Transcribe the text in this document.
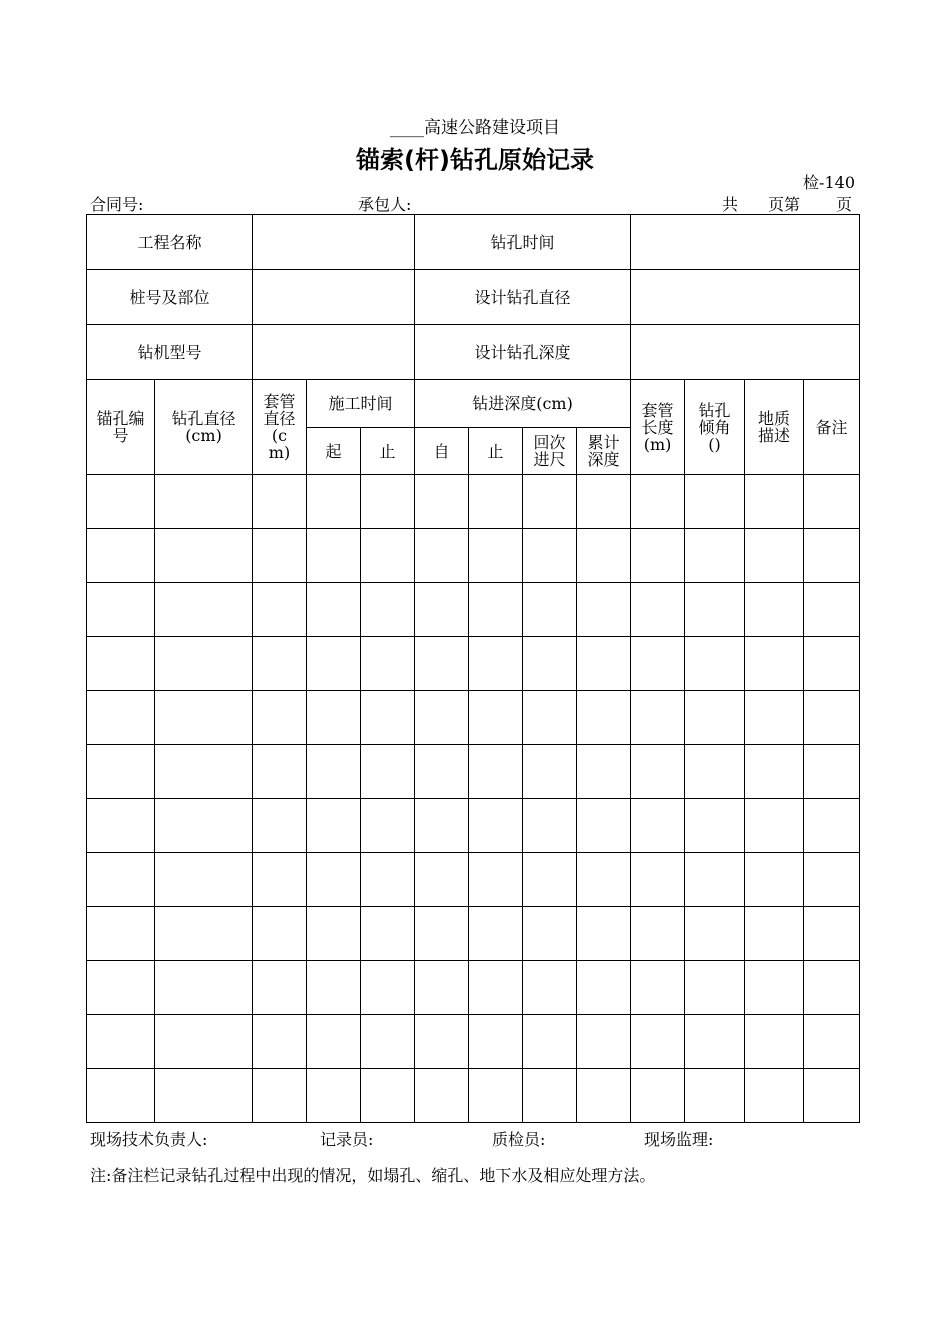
____高速公路建设项目
锚索(杆)钻孔原始记录
检-140
合同号:	承包人:	共 页第 页
工程名称					钻孔时间							
桩号及部位					设计钻孔直径							
钻机型号					设计钻孔深度							
锚孔编号	钻孔直径(cm)	套管直径(cm)	施工时间		钻进深度(cm)				套管长度(m)	钻孔倾角()	地质描述	备注
			起	止	自	止	回次进尺	累计深度				

现场技术负责人:	记录员:	质检员:	现场监理:
注:备注栏记录钻孔过程中出现的情况，如塌孔、缩孔、地下水及相应处理方法。
